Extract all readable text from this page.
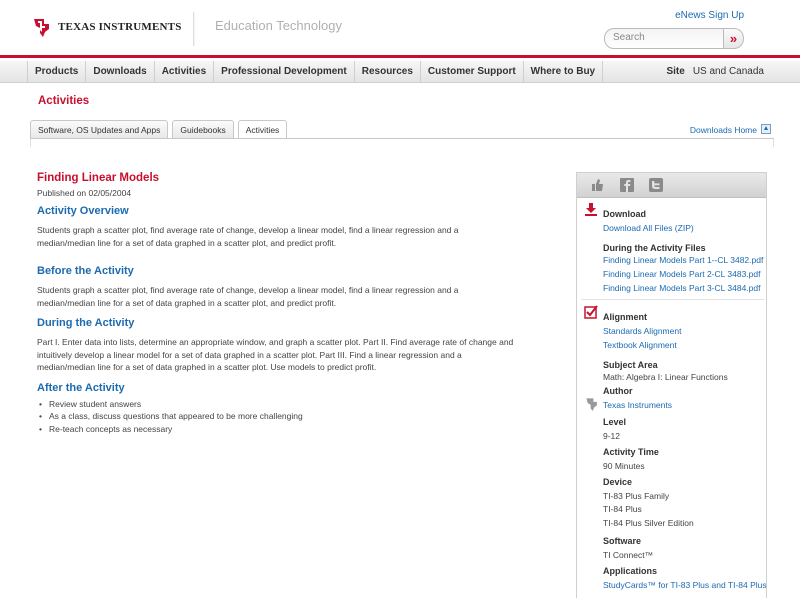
TEXAS INSTRUMENTS	Education Technology
eNews Sign Up
Search	»
Products	Downloads	Activities	Professional Development	Resources	Customer Support	Where to Buy	Site US and Canada
Activities
Software, OS Updates and Apps	Guidebooks	Activities	Downloads Home
Finding Linear Models
Published on 02/05/2004
Activity Overview

Students graph a scatter plot, find average rate of change, develop a linear model, find a linear regression and a median/median line for a set of data graphed in a scatter plot, and predict profit.

Before the Activity

Students graph a scatter plot, find average rate of change, develop a linear model, find a linear regression and a median/median line for a set of data graphed in a scatter plot, and predict profit.

During the Activity

Part I. Enter data into lists, determine an appropriate window, and graph a scatter plot. Part II. Find average rate of change and intuitively develop a linear model for a set of data graphed in a scatter plot. Part III. Find a linear regression and a median/median line for a set of data graphed in a scatter plot. Use models to predict profit.

After the Activity
• Review student answers
• As a class, discuss questions that appeared to be more challenging
• Re-teach concepts as necessary
Download
Download All Files (ZIP)
During the Activity Files
Finding Linear Models Part 1--CL 3482.pdf
Finding Linear Models Part 2-CL 3483.pdf
Finding Linear Models Part 3-CL 3484.pdf
Alignment
Standards Alignment
Textbook Alignment
Subject Area
Math: Algebra I: Linear Functions
Author
Texas Instruments
Level
9-12
Activity Time
90 Minutes
Device
TI-83 Plus Family
TI-84 Plus
TI-84 Plus Silver Edition
Software
TI Connect™
Applications
StudyCards™ for TI-83 Plus and TI-84 Plus
